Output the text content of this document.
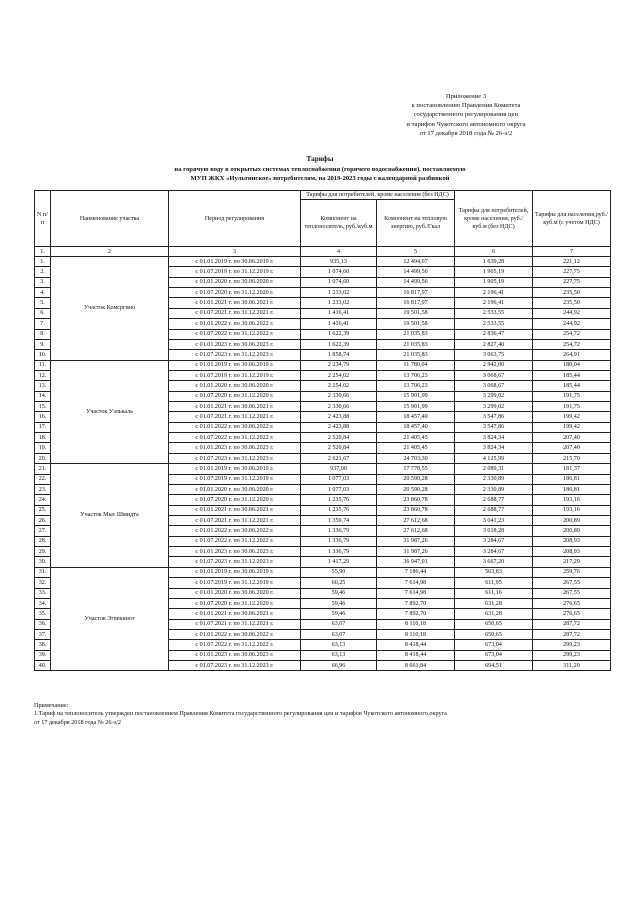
Приложение 3
к постановлению Правления Комитета
государственного регулирования цен
и тарифов Чукотского автономного округа
от 17 декабря 2018 года № 26-э/2
Тарифы
на горячую воду в открытых системах теплоснабжения (горячего водоснабжения), поставляемую
МУП ЖКХ «Иультинское» потребителям, на 2019-2023 годы с календарной разбивкой
N п/п	Наименование участка	Период регулирования	Тарифы для потребителей, кроме населения (без НДС)		Тарифы для потребителей, кроме населения, руб./куб.м (без НДС)	Тарифы для населения,руб./куб.м (с учетом НДС)
			Компонент на теплоноситель, руб./куб.м	Компонент на тепловую энергию, руб./Гкал		
1.	2	3	4	5	6	7
1.	Участок Комсргино	с 01.01.2019 г. по 30.06.2019 г.	935,13	12 494,07	1 639,28	221,12
2.		с 01.07.2019 г. по 31.12.2019 г.	1 074,60	14 499,56	1 905,19	227,75
3.		с 01.01.2020 г. по 30.06.2020 г.	1 074,60	14 499,56	1 905,19	227,75
4.		с 01.07.2020 г. по 31.12.2020 г.	1 233,02	16 817,97	2 196,41	235,50
5.		с 01.01.2021 г. по 30.06.2021 г.	1 233,02	16 817,97	2 196,41	235,50
6.		с 01.07.2021 г. по 31.12.2021 г.	1 416,41	19 501,58	2 533,55	244,92
7.		с 01.01.2022 г. по 30.06.2022 г.	1 416,41	19 501,58	2 533,55	244,92
8.		с 01.07.2022 г. по 31.12.2022 г.	1 622,39	21 035,83	2 836,47	254,72
9.		с 01.01.2023 г. по 30.06.2023 г.	1 622,39	21 035,83	2 827,40	254,72
10.		с 01.07.2023 г. по 31.12.2023 г.	1 858,74	21 035,83	3 063,75	264,91
11.	Участок Уэлькаль	с 01.01.2019 г. по 30.06.2019 г.	2 234,79	11 780,04	2 942,00	180,04
12.		с 01.07.2019 г. по 31.12.2019 г.	2 254,02	13 706,23	3 068,67	185,44
13.		с 01.01.2020 г. по 30.06.2020 г.	2 254,02	13 706,23	3 068,67	185,44
14.		с 01.07.2020 г. по 31.12.2020 г.	2 330,66	15 901,99	3 299,02	191,75
15.		с 01.01.2021 г. по 30.06.2021 г.	2 330,66	15 901,99	3 299,02	191,75
16.		с 01.07.2021 г. по 31.12.2021 г.	2 423,88	18 457,40	3 547,86	199,42
17.		с 01.01.2022 г. по 30.06.2022 г.	2 423,88	18 457,40	3 547,86	199,42
18.		с 01.07.2022 г. по 31.12.2022 г.	2 520,84	21 405,45	3 824,34	207,40
19.		с 01.01.2023 г. по 30.06.2023 г.	2 520,84	21 405,45	3 824,34	207,40
20.		с 01.07.2023 г. по 31.12.2023 г.	2 621,67	24 703,30	4 125,99	215,70
21.	Участок Мыс Шмидта	с 01.01.2019 г. по 30.06.2019 г.	937,00	17 778,55	2 089,31	181,37
22.		с 01.07.2019 г. по 31.12.2019 г.	1 077,03	20 590,28	2 330,89	186,81
23.		с 01.01.2020 г. по 30.06.2020 г.	1 077,03	20 590,28	2 330,89	186,81
24.		с 01.07.2020 г. по 31.12.2020 г.	1 235,76	23 860,78	2 688,77	193,16
25.		с 01.01.2021 г. по 30.06.2021 г.	1 235,76	23 860,78	2 688,77	193,16
26.		с 01.07.2021 г. по 31.12.2021 г.	1 359,74	27 612,68	3 041,23	200,89
27.		с 01.01.2022 г. по 30.06.2022 г.	1 336,79	27 612,68	3 018,28	200,89
28.		с 01.07.2022 г. по 31.12.2022 г.	1 336,79	31 987,26	3 284,67	208,93
29.		с 01.01.2023 г. по 30.06.2023 г.	1 336,79	31 987,26	3 284,67	208,93
30.		с 01.07.2023 г. по 31.12.2023 г.	1 417,29	36 947,01	3 667,20	217,29
31.	Участок Эгвекинот	с 01.01.2019 г. по 30.06.2019 г.	55,90	7 186,44	563,83	259,76
32.		с 01.07.2019 г. по 31.12.2019 г.	60,25	7 614,98	611,95	267,55
33.		с 01.01.2020 г. по 30.06.2020 г.	59,46	7 614,98	611,16	267,55
34.		с 01.07.2020 г. по 31.12.2020 г.	59,46	7 892,70	631,28	276,65
35.		с 01.01.2021 г. по 30.06.2021 г.	59,46	7 892,70	631,28	276,65
36.		с 01.07.2021 г. по 31.12.2021 г.	63,07	8 110,18	650,65	287,72
37.		с 01.01.2022 г. по 30.06.2022 г.	63,07	8 110,18	650,65	287,72
38.		с 01.07.2022 г. по 31.12.2022 г.	63,13	8 418,44	673,04	299,23
39.		с 01.01.2023 г. по 30.06.2023 г.	63,13	8 418,44	673,04	299,23
40.		с 01.07.2023 г. по 31.12.2023 г.	66,96	8 661,84	694,51	311,20
Примечание:
1.Тариф на теплоноситель утвержден постановлением Правления Комитета государственного регулирования цен и тарифов Чукотского автономного округа
от 17 декабря 2018 года № 26-э/2
